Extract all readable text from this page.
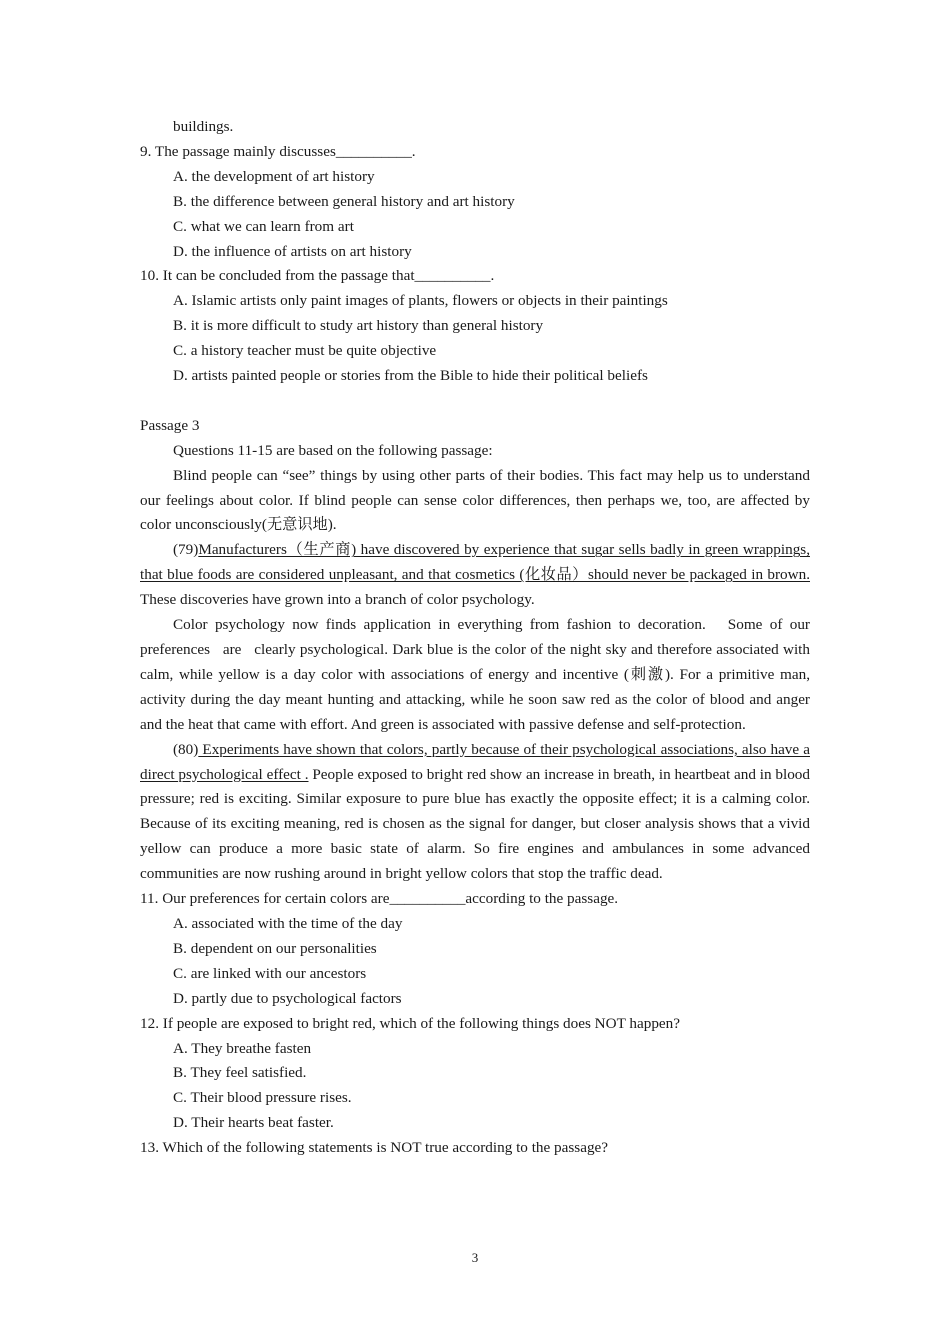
buildings.
9. The passage mainly discusses__________.
A. the development of art history
B. the difference between general history and art history
C. what we can learn from art
D. the influence of artists on art history
10. It can be concluded from the passage that__________.
A. Islamic artists only paint images of plants, flowers or objects in their paintings
B. it is more difficult to study art history than general history
C. a history teacher must be quite objective
D. artists painted people or stories from the Bible to hide their political beliefs
Passage 3
Questions 11-15 are based on the following passage:

Blind people can “see” things by using other parts of their bodies. This fact may help us to understand our feelings about color. If blind people can sense color differences, then perhaps we, too, are affected by color unconsciously(无意识地).

(79)Manufacturers（生产商) have discovered by experience that sugar sells badly in green wrappings, that blue foods are considered unpleasant, and that cosmetics (化妆品）should never be packaged in brown. These discoveries have grown into a branch of color psychology.

Color psychology now finds application in everything from fashion to decoration.   Some of our preferences   are   clearly psychological. Dark blue is the color of the night sky and therefore associated with calm, while yellow is a day color with associations of energy and incentive (刺激). For a primitive man, activity during the day meant hunting and attacking, while he soon saw red as the color of blood and anger and the heat that came with effort. And green is associated with passive defense and self-protection.

(80) Experiments have shown that colors, partly because of their psychological associations, also have a direct psychological effect . People exposed to bright red show an increase in breath, in heartbeat and in blood pressure; red is exciting. Similar exposure to pure blue has exactly the opposite effect; it is a calming color. Because of its exciting meaning, red is chosen as the signal for danger, but closer analysis shows that a vivid yellow can produce a more basic state of alarm. So fire engines and ambulances in some advanced communities are now rushing around in bright yellow colors that stop the traffic dead.

11. Our preferences for certain colors are__________according to the passage.
A. associated with the time of the day
B. dependent on our personalities
C. are linked with our ancestors
D. partly due to psychological factors
12. If people are exposed to bright red, which of the following things does NOT happen?
A. They breathe fasten
B. They feel satisfied.
C. Their blood pressure rises.
D. Their hearts beat faster.
13. Which of the following statements is NOT true according to the passage?
3
